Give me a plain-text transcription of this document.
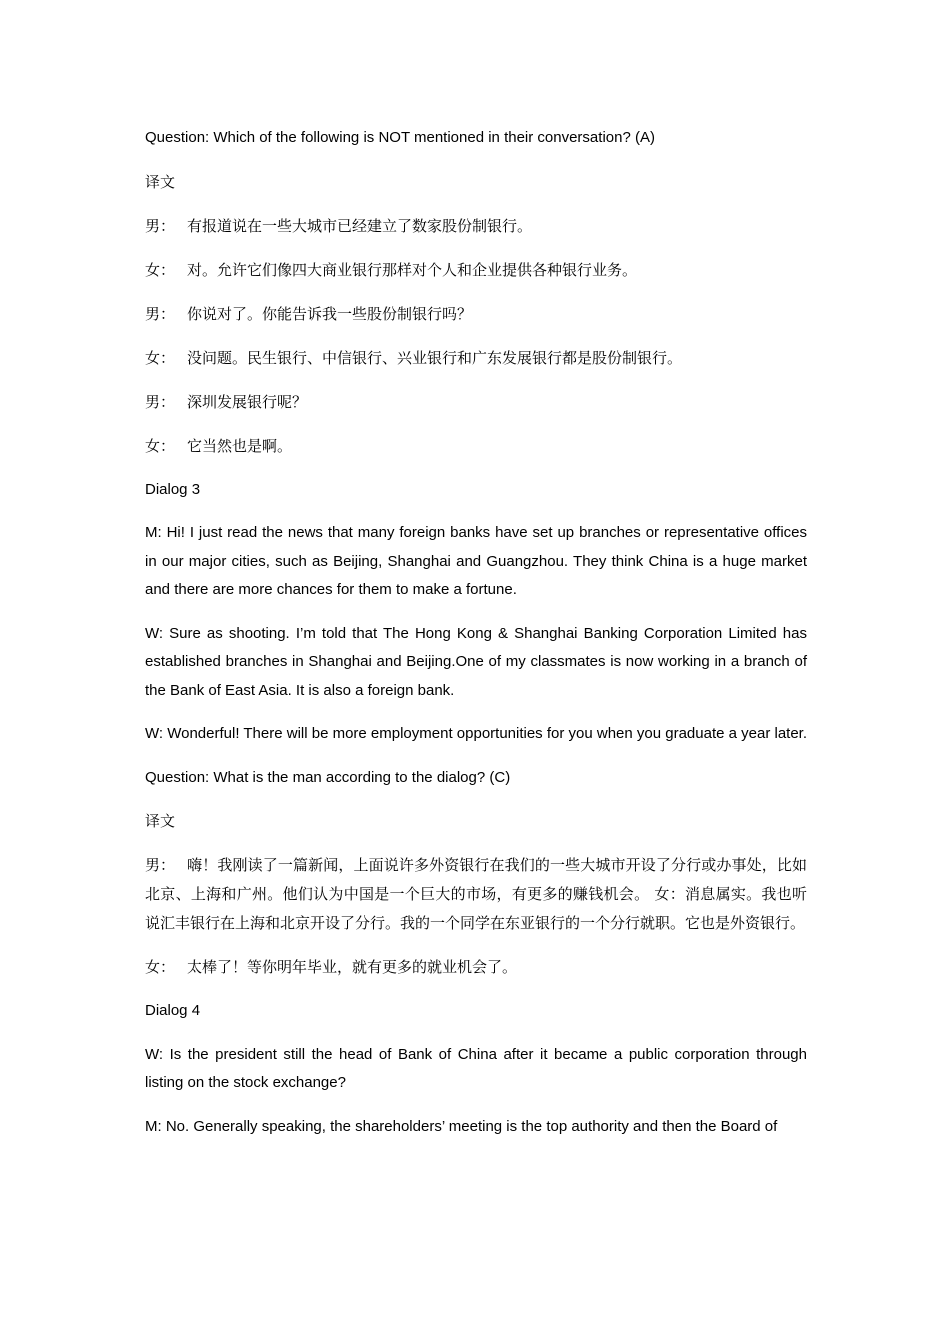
Question: Which of the following is NOT mentioned in their conversation? (A)

译文

男： 有报道说在一些大城市已经建立了数家股份制银行。

女： 对。允许它们像四大商业银行那样对个人和企业提供各种银行业务。

男： 你说对了。你能告诉我一些股份制银行吗？

女： 没问题。民生银行、中信银行、兴业银行和广东发展银行都是股份制银行。

男： 深圳发展银行呢？

女： 它当然也是啊。

Dialog 3

M: Hi! I just read the news that many foreign banks have set up branches or representative offices in our major cities, such as Beijing, Shanghai and Guangzhou. They think China is a huge market and there are more chances for them to make a fortune.

W: Sure as shooting. I’m told that The Hong Kong & Shanghai Banking Corporation Limited has established branches in Shanghai and Beijing.One of my classmates is now working in a branch of the Bank of East Asia. It is also a foreign bank.

W: Wonderful! There will be more employment opportunities for you when you graduate a year later.

Question: What is the man according to the dialog? (C)

译文

男： 嗨！我刚读了一篇新闻，上面说许多外资银行在我们的一些大城市开设了分行或办事处，比如北京、上海和广州。他们认为中国是一个巨大的市场，有更多的赚钱机会。 女：消息属实。我也听说汇丰银行在上海和北京开设了分行。我的一个同学在东亚银行的一个分行就职。它也是外资银行。

女： 太棒了！等你明年毕业，就有更多的就业机会了。

Dialog 4

W: Is the president still the head of Bank of China after it became a public corporation through listing on the stock exchange?

M: No. Generally speaking, the shareholders’ meeting is the top authority and then the Board of
